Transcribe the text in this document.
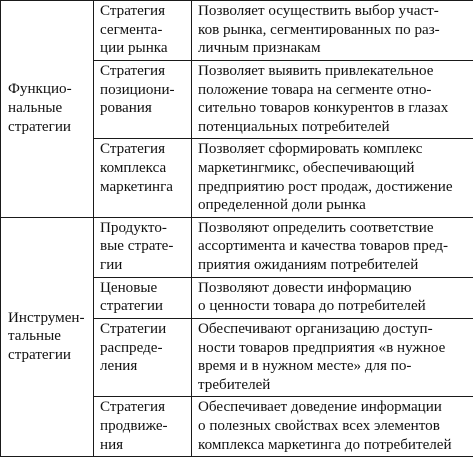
Функцио-
нальные
стратегии	Стратегия
сегмента-
ции рынка	Позволяет осуществить выбор участ-
ков рынка, сегментированных по раз-
личным признакам

	Стратегия
позициони-
рования	Позволяет выявить привлекательное
положение товара на сегменте отно-
сительно товаров конкурентов в глазах
потенциальных потребителей

	Стратегия
комплекса
маркетинга	Позволяет сформировать комплекс
маркетингмикс, обеспечивающий
предприятию рост продаж, достижение
определенной доли рынка

Инструмен-
тальные
стратегии	Продукто-
вые страте-
гии	Позволяют определить соответствие
ассортимента и качества товаров пред-
приятия ожиданиям потребителей

	Ценовые
стратегии	Позволяют довести информацию
о ценности товара до потребителей

	Стратегии
распреде-
ления	Обеспечивают организацию доступ-
ности товаров предприятия «в нужное
время и в нужном месте» для по-
требителей

	Стратегия
продвиже-
ния	Обеспечивает доведение информации
о полезных свойствах всех элементов
комплекса маркетинга до потребителей
